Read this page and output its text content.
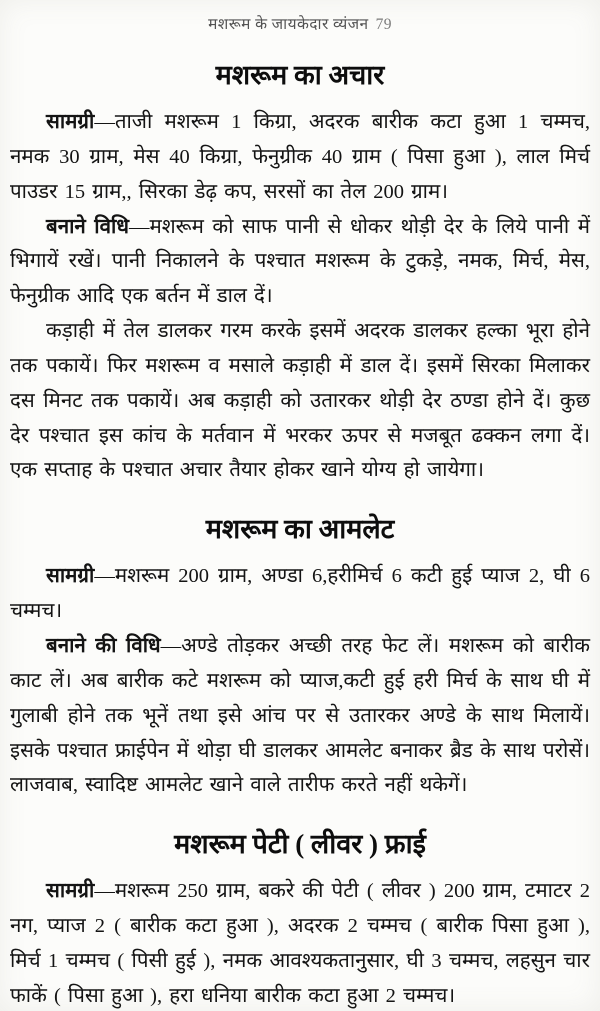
मशरूम के जायकेदार व्यंजन 79
मशरूम का अचार

सामग्री—ताजी मशरूम 1 किग्रा, अदरक बारीक कटा हुआ 1 चम्मच, नमक 30 ग्राम, मेस 40 किग्रा, फेनुग्रीक 40 ग्राम ( पिसा हुआ ), लाल मिर्च पाउडर 15 ग्राम,, सिरका डेढ़ कप, सरसों का तेल 200 ग्राम।

बनाने विधि—मशरूम को साफ पानी से धोकर थोड़ी देर के लिये पानी में भिगायें रखें। पानी निकालने के पश्चात मशरूम के टुकड़े, नमक, मिर्च, मेस, फेनुग्रीक आदि एक बर्तन में डाल दें।

कड़ाही में तेल डालकर गरम करके इसमें अदरक डालकर हल्का भूरा होने तक पकायें। फिर मशरूम व मसाले कड़ाही में डाल दें। इसमें सिरका मिलाकर दस मिनट तक पकायें। अब कड़ाही को उतारकर थोड़ी देर ठण्डा होने दें। कुछ देर पश्चात इस कांच के मर्तवान में भरकर ऊपर से मजबूत ढक्कन लगा दें। एक सप्ताह के पश्चात अचार तैयार होकर खाने योग्य हो जायेगा।

मशरूम का आमलेट

सामग्री—मशरूम 200 ग्राम, अण्डा 6,हरीमिर्च 6 कटी हुई प्याज 2, घी 6 चम्मच।

बनाने की विधि—अण्डे तोड़कर अच्छी तरह फेट लें। मशरूम को बारीक काट लें। अब बारीक कटे मशरूम को प्याज,कटी हुई हरी मिर्च के साथ घी में गुलाबी होने तक भूनें तथा इसे आंच पर से उतारकर अण्डे के साथ मिलायें। इसके पश्चात फ्राईपेन में थोड़ा घी डालकर आमलेट बनाकर ब्रैड के साथ परोसें। लाजवाब, स्वादिष्ट आमलेट खाने वाले तारीफ करते नहीं थकेगें।

मशरूम पेटी ( लीवर ) फ्राई

सामग्री—मशरूम 250 ग्राम, बकरे की पेटी ( लीवर ) 200 ग्राम, टमाटर 2 नग, प्याज 2 ( बारीक कटा हुआ ), अदरक 2 चम्मच ( बारीक पिसा हुआ ), मिर्च 1 चम्मच ( पिसी हुई ), नमक आवश्यकतानुसार, घी 3 चम्मच, लहसुन चार फाकें ( पिसा हुआ ), हरा धनिया बारीक कटा हुआ 2 चम्मच।
